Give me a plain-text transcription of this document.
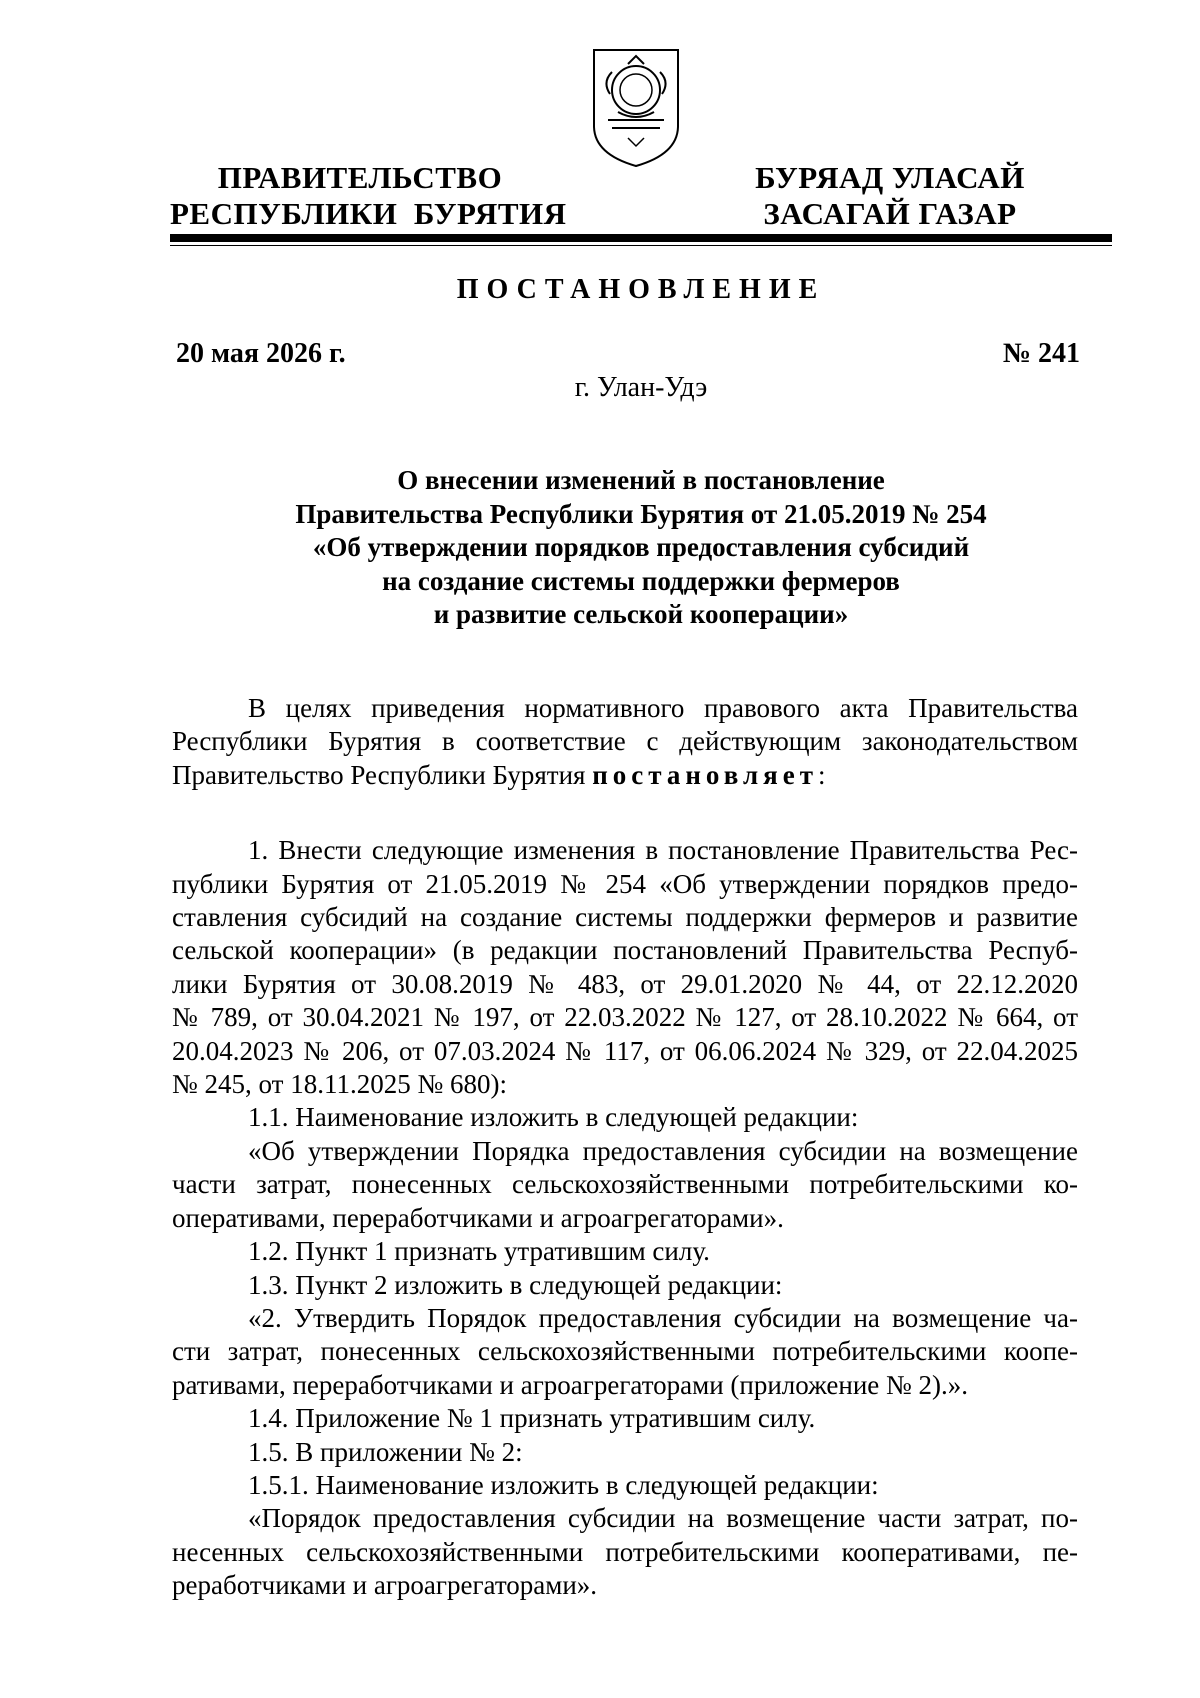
ПРАВИТЕЛЬСТВО
РЕСПУБЛИКИ  БУРЯТИЯ
БУРЯАД УЛАСАЙ
ЗАСАГАЙ ГАЗАР
ПОСТАНОВЛЕНИЕ
20 мая 2026 г.	№ 241
г. Улан-Удэ
О внесении изменений в постановление
Правительства Республики Бурятия от 21.05.2019 № 254
«Об утверждении порядков предоставления субсидий
на создание системы поддержки фермеров
и развитие сельской кооперации»

В целях приведения нормативного правового акта Правительства

Республики Бурятия в соответствие с действующим законодательством

Правительство Республики Бурятия постановляет:

1. Внести следующие изменения в постановление Правительства Рес-

публики Бурятия от 21.05.2019 № 254 «Об утверждении порядков предо-

ставления субсидий на создание системы поддержки фермеров и развитие

сельской кооперации» (в редакции постановлений Правительства Респуб-

лики Бурятия от 30.08.2019 № 483, от 29.01.2020 № 44, от 22.12.2020

№ 789, от 30.04.2021 № 197, от 22.03.2022 № 127, от 28.10.2022 № 664, от

20.04.2023 № 206, от 07.03.2024 № 117, от 06.06.2024 № 329, от 22.04.2025

№ 245, от 18.11.2025 № 680):

1.1. Наименование изложить в следующей редакции:

«Об утверждении Порядка предоставления субсидии на возмещение

части затрат, понесенных сельскохозяйственными потребительскими ко-

оперативами, переработчиками и агроагрегаторами».

1.2. Пункт 1 признать утратившим силу.

1.3. Пункт 2 изложить в следующей редакции:

«2. Утвердить Порядок предоставления субсидии на возмещение ча-

сти затрат, понесенных сельскохозяйственными потребительскими коопе-

ративами, переработчиками и агроагрегаторами (приложение № 2).».

1.4. Приложение № 1 признать утратившим силу.

1.5. В приложении № 2:

1.5.1. Наименование изложить в следующей редакции:

«Порядок предоставления субсидии на возмещение части затрат, по-

несенных сельскохозяйственными потребительскими кооперативами, пе-

реработчиками и агроагрегаторами».
